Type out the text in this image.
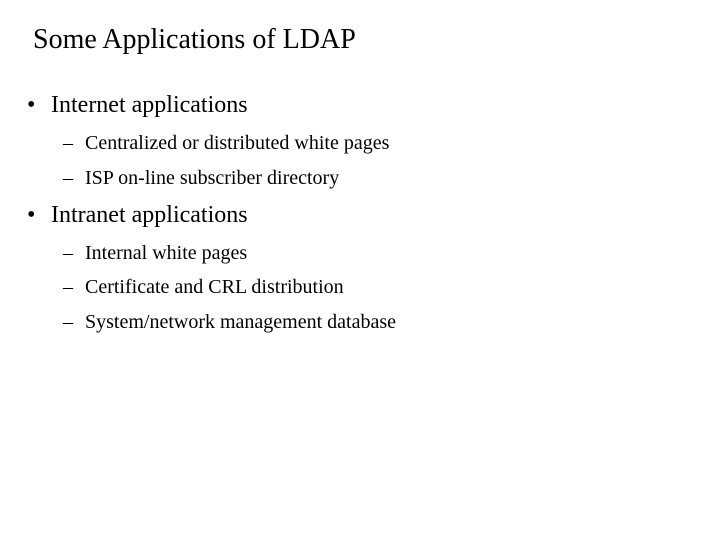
Some Applications of LDAP
• Internet applications
– Centralized or distributed white pages
– ISP on-line subscriber directory
• Intranet applications
– Internal white pages
– Certificate and CRL distribution
– System/network management database
